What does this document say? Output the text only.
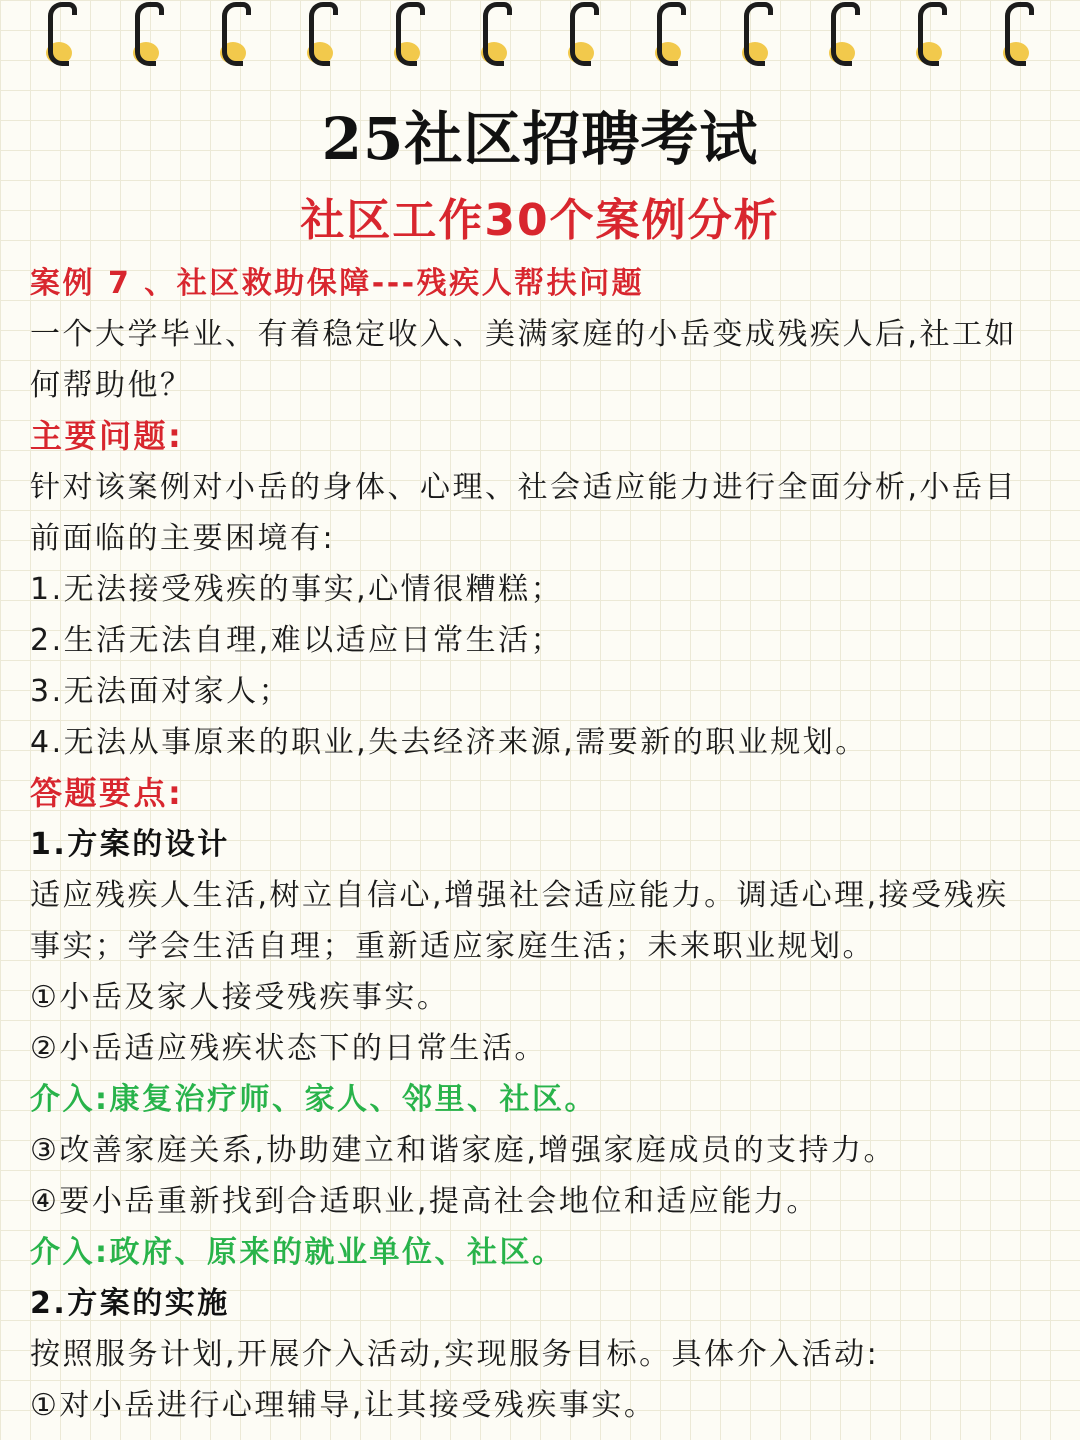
25社区招聘考试
社区工作30个案例分析
案例 7 、社区救助保障---残疾人帮扶问题
一个大学毕业、有着稳定收入、美满家庭的小岳变成残疾人后,社工如
何帮助他？
主要问题:
针对该案例对小岳的身体、心理、社会适应能力进行全面分析,小岳目
前面临的主要困境有:
1.无法接受残疾的事实,心情很糟糕；
2.生活无法自理,难以适应日常生活；
3.无法面对家人；
4.无法从事原来的职业,失去经济来源,需要新的职业规划。
答题要点:
1.方案的设计
适应残疾人生活,树立自信心,增强社会适应能力。调适心理,接受残疾
事实；学会生活自理；重新适应家庭生活；未来职业规划。
①小岳及家人接受残疾事实。
②小岳适应残疾状态下的日常生活。
介入:康复治疗师、家人、邻里、社区。
③改善家庭关系,协助建立和谐家庭,增强家庭成员的支持力。
④要小岳重新找到合适职业,提高社会地位和适应能力。
介入:政府、原来的就业单位、社区。
2.方案的实施
按照服务计划,开展介入活动,实现服务目标。具体介入活动:
①对小岳进行心理辅导,让其接受残疾事实。
